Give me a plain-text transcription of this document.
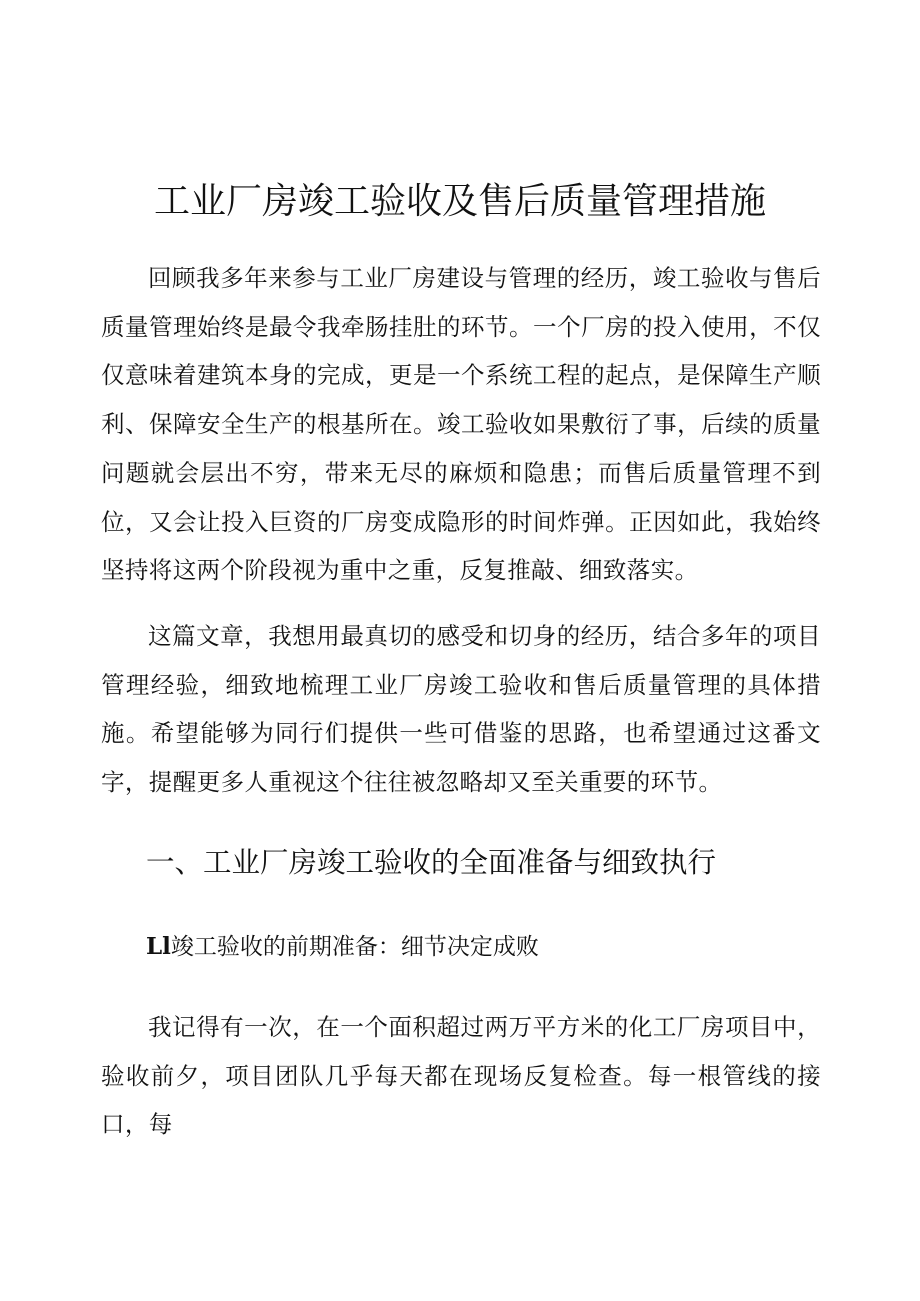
工业厂房竣工验收及售后质量管理措施

回顾我多年来参与工业厂房建设与管理的经历，竣工验收与售后质量管理始终是最令我牵肠挂肚的环节。一个厂房的投入使用，不仅仅意味着建筑本身的完成，更是一个系统工程的起点，是保障生产顺利、保障安全生产的根基所在。竣工验收如果敷衍了事，后续的质量问题就会层出不穷，带来无尽的麻烦和隐患；而售后质量管理不到位，又会让投入巨资的厂房变成隐形的时间炸弹。正因如此，我始终坚持将这两个阶段视为重中之重，反复推敲、细致落实。

这篇文章，我想用最真切的感受和切身的经历，结合多年的项目管理经验，细致地梳理工业厂房竣工验收和售后质量管理的具体措施。希望能够为同行们提供一些可借鉴的思路，也希望通过这番文字，提醒更多人重视这个往往被忽略却又至关重要的环节。

一、工业厂房竣工验收的全面准备与细致执行
Ll竣工验收的前期准备：细节决定成败

我记得有一次，在一个面积超过两万平方米的化工厂房项目中，验收前夕，项目团队几乎每天都在现场反复检查。每一根管线的接口，每
